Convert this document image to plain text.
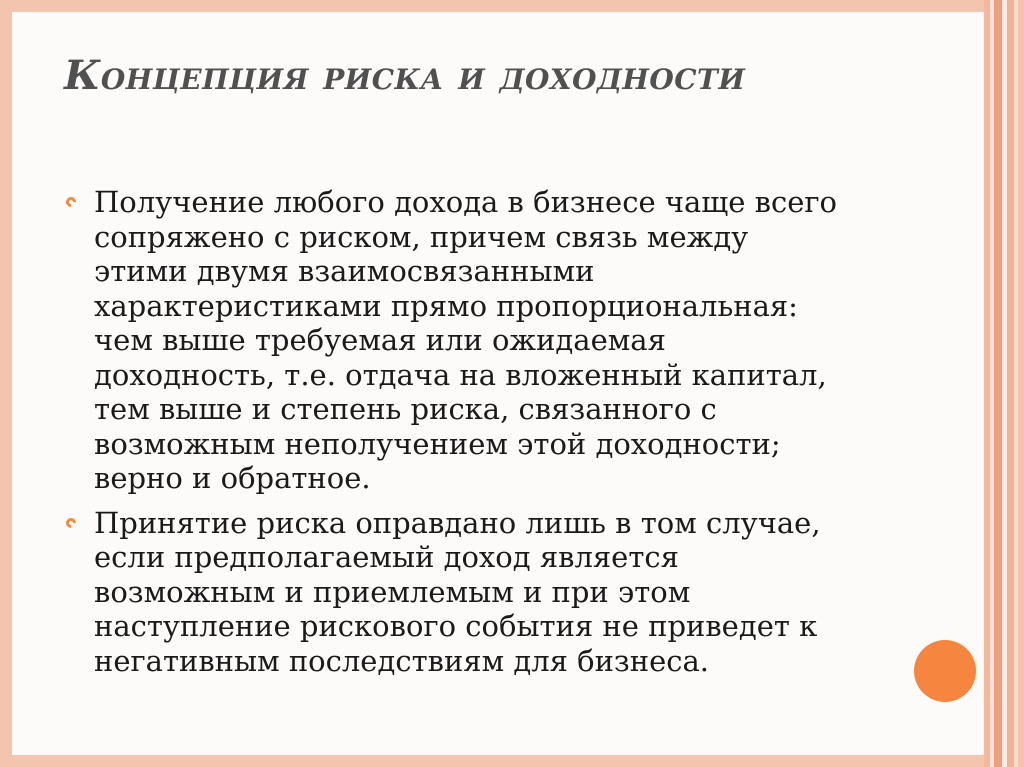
Концепция риска и доходности
Получение любого дохода в бизнесе чаще всего
сопряжено с риском, причем связь между
этими двумя взаимосвязанными
характеристиками прямо пропорциональная:
чем выше требуемая или ожидаемая
доходность, т.е. отдача на вложенный капитал,
тем выше и степень риска, связанного с
возможным неполучением этой доходности;
верно и обратное.
Принятие риска оправдано лишь в том случае,
если предполагаемый доход является
возможным и приемлемым и при этом
наступление рискового события не приведет к
негативным последствиям для бизнеса.
